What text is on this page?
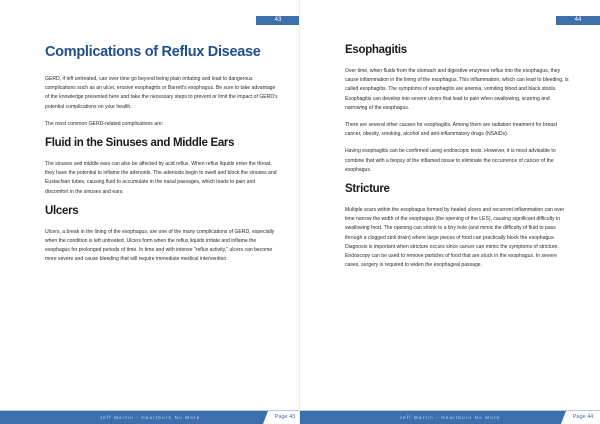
43
Complications of Reflux Disease

GERD, if left untreated, can over time go beyond being plain irritating and lead to dangerous complications such as an ulcer, erosive esophagitis or Barrett's esophagus. Be sure to take advantage of the knowledge presented here and take the necessary steps to prevent or limit the impact of GERD's potential complications on your health.

The most common GERD-related complications are:

Fluid in the Sinuses and Middle Ears

The sinuses and middle ears can also be affected by acid reflux. When reflux liquids enter the throat, they have the potential to inflame the adenoids. The adenoids begin to swell and block the sinuses and Eustachian tubes, causing fluid to accumulate in the nasal passages, which leads to pain and discomfort in the sinuses and ears.

Ulcers

Ulcers, a break in the lining of the esophagus, are one of the many complications of GERD, especially when the condition is left untreated. Ulcers form when the reflux liquids irritate and inflame the esophagus for prolonged periods of time. In time and with intense "reflux activity," ulcers can become more severe and cause bleeding that will require immediate medical intervention.

Jeff Martin - Heartburn No More	Page 43
44
Esophagitis

Over time, when fluids from the stomach and digestive enzymes reflux into the esophagus, they cause inflammation in the lining of the esophagus. This inflammation, which can lead to bleeding, is called esophagitis. The symptoms of esophagitis are anemia, vomiting blood and black stools. Esophagitis can develop into severe ulcers that lead to pain when swallowing, scarring and narrowing of the esophagus.

There are several other causes for esophagitis. Among them are radiation treatment for breast cancer, obesity, smoking, alcohol and anti-inflammatory drugs (NSAIDs).

Having esophagitis can be confirmed using endoscopic tests. However, it is most advisable to combine that with a biopsy of the inflamed tissue to eliminate the occurrence of cancer of the esophagus.

Stricture

Multiple scars within the esophagus formed by healed ulcers and recurrent inflammation can over time narrow the width of the esophagus (the opening of the LES), causing significant difficulty in swallowing food. The opening can shrink to a tiny hole (and mimic the difficulty of fluid to pass through a clogged sink drain) where large pieces of food can practically block the esophagus. Diagnosis is important when stricture occurs since cancer can mimic the symptoms of stricture. Endoscopy can be used to remove particles of food that are stuck in the esophagus. In severe cases, surgery is required to widen the esophageal passage.

Jeff Martin - Heartburn No More	Page 44
